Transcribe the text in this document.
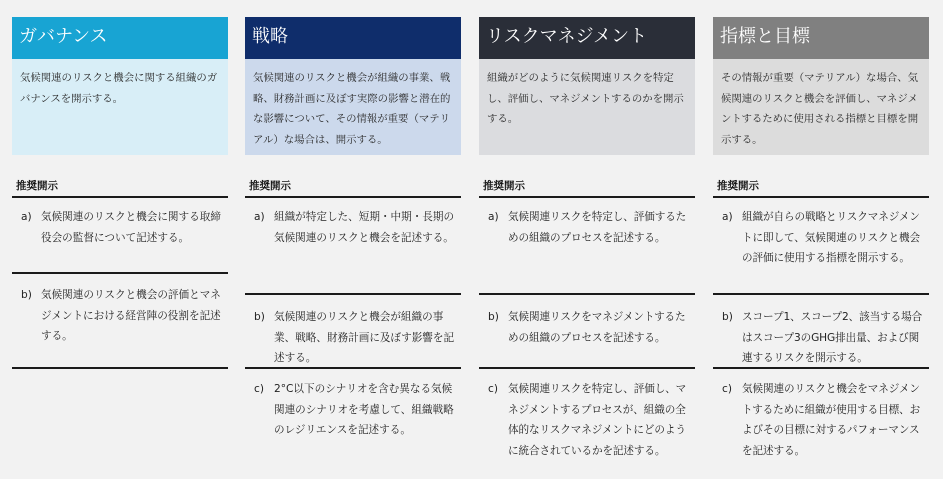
ガバナンス
気候関連のリスクと機会に関する組織のガバナンスを開示する。
推奨開示
a) 気候関連のリスクと機会に関する取締役会の監督について記述する。
b) 気候関連のリスクと機会の評価とマネジメントにおける経営陣の役割を記述する。
戦略
気候関連のリスクと機会が組織の事業、戦略、財務計画に及ぼす実際の影響と潜在的な影響について、その情報が重要（マテリアル）な場合は、開示する。
推奨開示
a) 組織が特定した、短期・中期・長期の気候関連のリスクと機会を記述する。
b) 気候関連のリスクと機会が組織の事業、戦略、財務計画に及ぼす影響を記述する。
c) 2°C以下のシナリオを含む異なる気候関連のシナリオを考慮して、組織戦略のレジリエンスを記述する。
リスクマネジメント
組織がどのように気候関連リスクを特定し、評価し、マネジメントするのかを開示する。
推奨開示
a) 気候関連リスクを特定し、評価するための組織のプロセスを記述する。
b) 気候関連リスクをマネジメントするための組織のプロセスを記述する。
c) 気候関連リスクを特定し、評価し、マネジメントするプロセスが、組織の全体的なリスクマネジメントにどのように統合されているかを記述する。
指標と目標
その情報が重要（マテリアル）な場合、気候関連のリスクと機会を評価し、マネジメントするために使用される指標と目標を開示する。
推奨開示
a) 組織が自らの戦略とリスクマネジメントに即して、気候関連のリスクと機会の評価に使用する指標を開示する。
b) スコープ1、スコープ2、該当する場合はスコープ3のGHG排出量、および関連するリスクを開示する。
c) 気候関連のリスクと機会をマネジメントするために組織が使用する目標、およびその目標に対するパフォーマンスを記述する。
